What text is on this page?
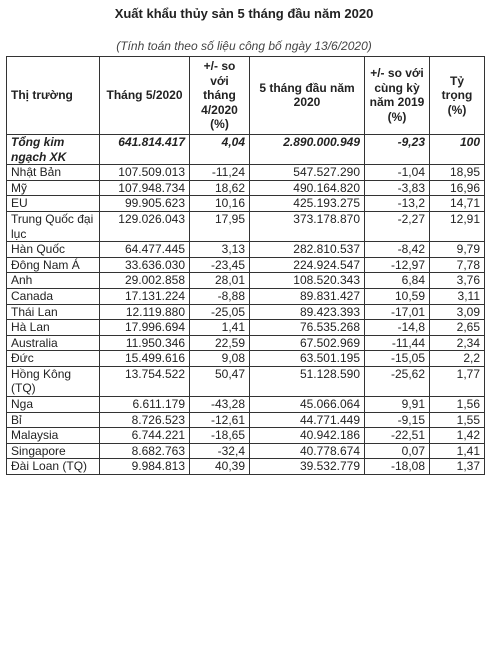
Xuất khẩu thủy sản 5 tháng đầu năm 2020
(Tính toán theo số liệu công bố ngày 13/6/2020)
Thị trường	Tháng 5/2020	+/- so với tháng 4/2020 (%)	5 tháng đầu năm 2020	+/- so với cùng kỳ năm 2019 (%)	Tỷ trọng (%)
Tổng kim ngạch XK	641.814.417	4,04	2.890.000.949	-9,23	100
Nhật Bản	107.509.013	-11,24	547.527.290	-1,04	18,95
Mỹ	107.948.734	18,62	490.164.820	-3,83	16,96
EU	99.905.623	10,16	425.193.275	-13,2	14,71
Trung Quốc đại lục	129.026.043	17,95	373.178.870	-2,27	12,91
Hàn Quốc	64.477.445	3,13	282.810.537	-8,42	9,79
Đông Nam Á	33.636.030	-23,45	224.924.547	-12,97	7,78
Anh	29.002.858	28,01	108.520.343	6,84	3,76
Canada	17.131.224	-8,88	89.831.427	10,59	3,11
Thái Lan	12.119.880	-25,05	89.423.393	-17,01	3,09
Hà Lan	17.996.694	1,41	76.535.268	-14,8	2,65
Australia	11.950.346	22,59	67.502.969	-11,44	2,34
Đức	15.499.616	9,08	63.501.195	-15,05	2,2
Hồng Kông (TQ)	13.754.522	50,47	51.128.590	-25,62	1,77
Nga	6.611.179	-43,28	45.066.064	9,91	1,56
Bỉ	8.726.523	-12,61	44.771.449	-9,15	1,55
Malaysia	6.744.221	-18,65	40.942.186	-22,51	1,42
Singapore	8.682.763	-32,4	40.778.674	0,07	1,41
Đài Loan (TQ)	9.984.813	40,39	39.532.779	-18,08	1,37
